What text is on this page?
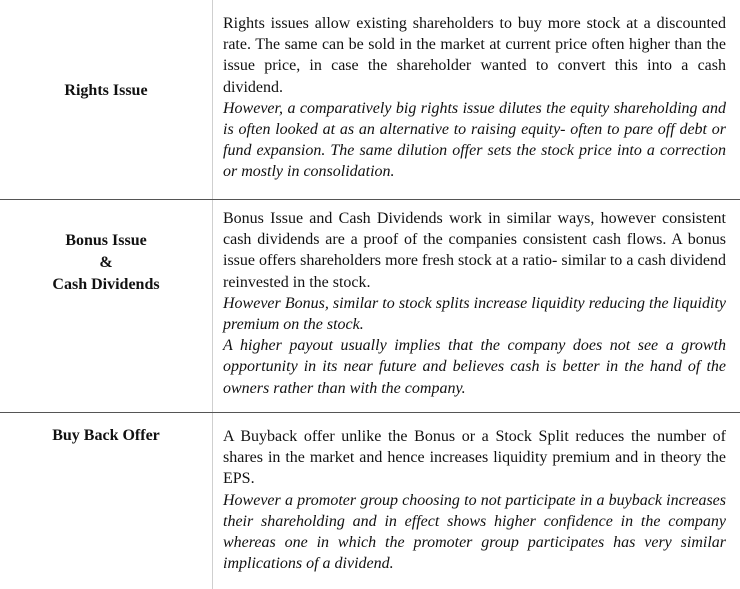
Rights Issue

Rights issues allow existing shareholders to buy more stock at a discounted rate. The same can be sold in the market at current price often higher than the issue price, in case the shareholder wanted to convert this into a cash dividend.

However, a comparatively big rights issue dilutes the equity shareholding and is often looked at as an alternative to raising equity- often to pare off debt or fund expansion. The same dilution offer sets the stock price into a correction or mostly in consolidation.

Bonus Issue
&
Cash Dividends

Bonus Issue and Cash Dividends work in similar ways, however consistent cash dividends are a proof of the companies consistent cash flows. A bonus issue offers shareholders more fresh stock at a ratio- similar to a cash dividend reinvested in the stock.

However Bonus, similar to stock splits increase liquidity reducing the liquidity premium on the stock.

A higher payout usually implies that the company does not see a growth opportunity in its near future and believes cash is better in the hand of the owners rather than with the company.

Buy Back Offer	A Buyback offer unlike the Bonus or a Stock Split reduces the number of shares in the market and hence increases liquidity premium and in theory the EPS.

However a promoter group choosing to not participate in a buyback increases their shareholding and in effect shows higher confidence in the company whereas one in which the promoter group participates has very similar implications of a dividend.
